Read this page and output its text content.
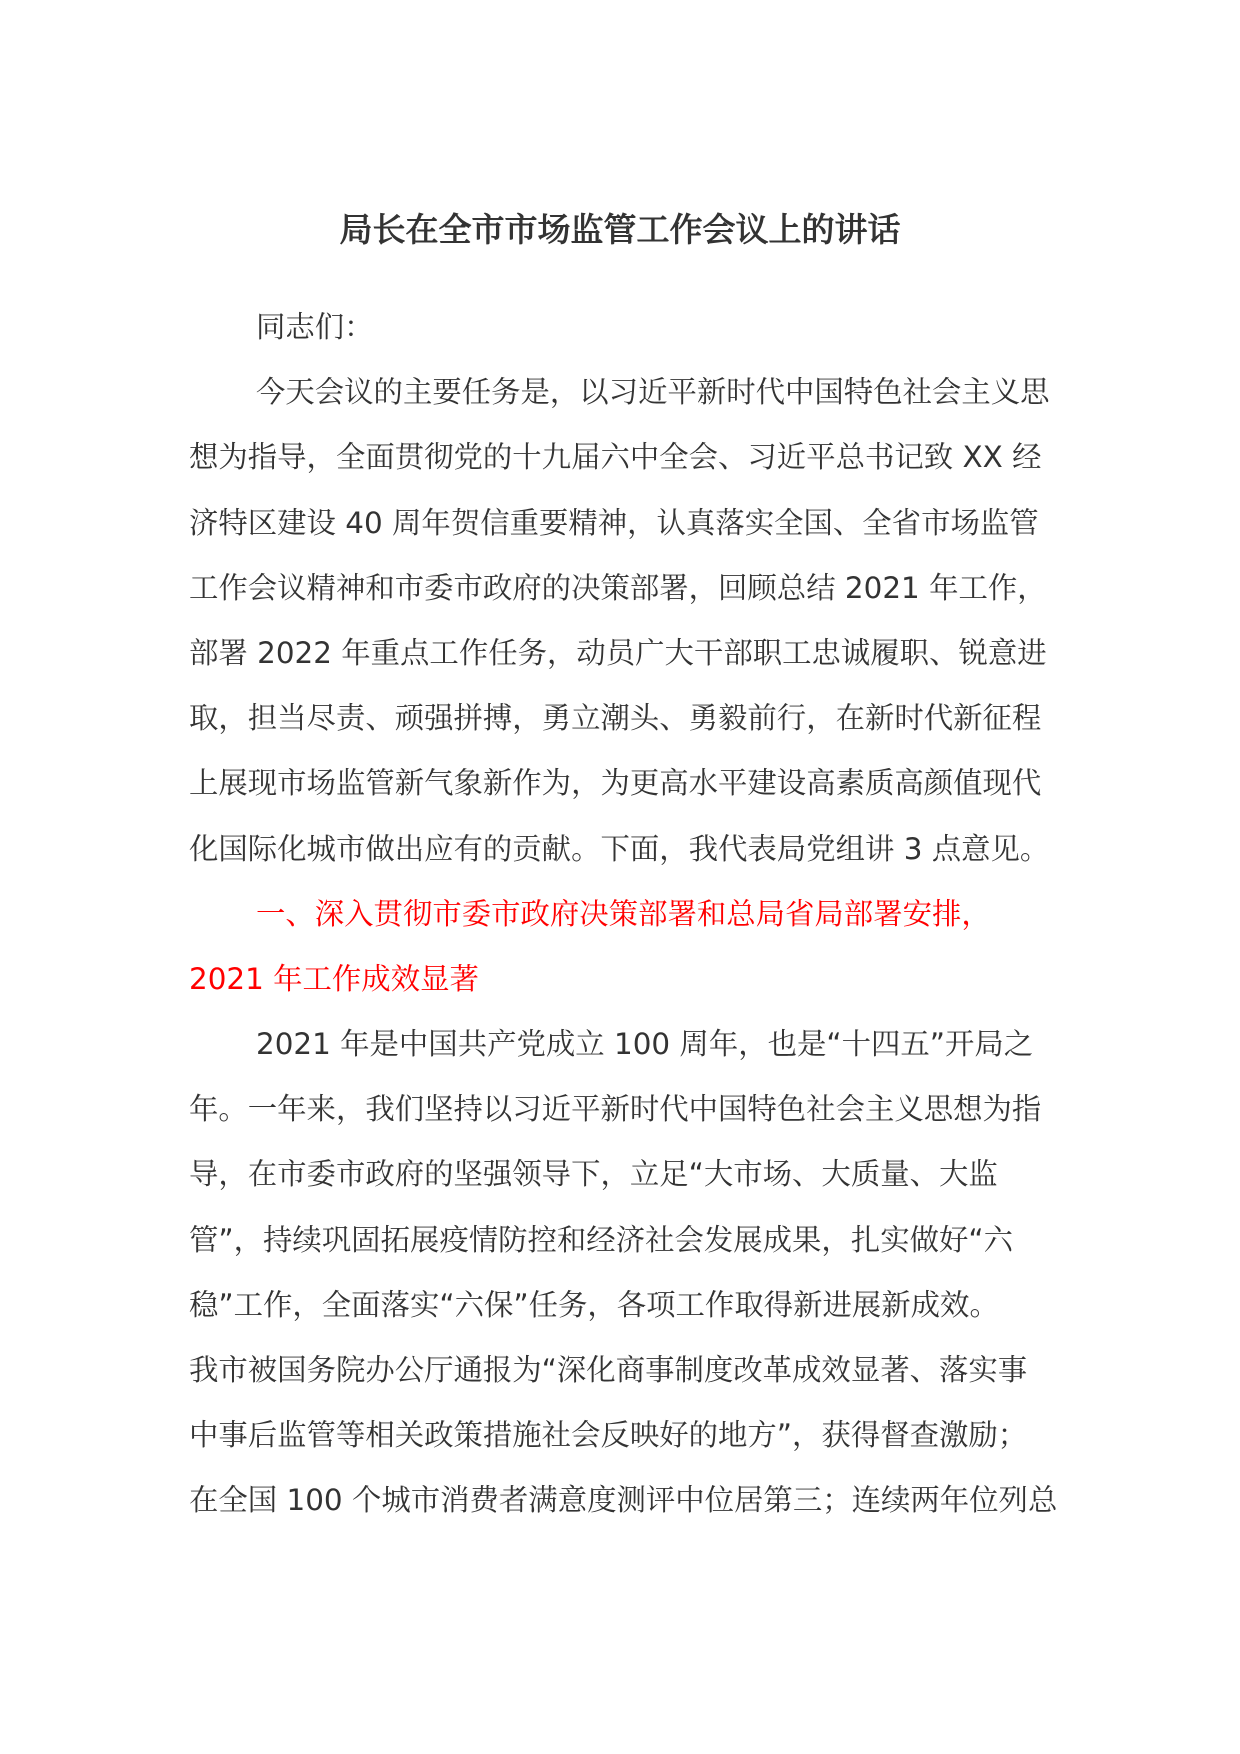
局长在全市市场监管工作会议上的讲话

同志们：

今天会议的主要任务是，以习近平新时代中国特色社会主义思
想为指导，全面贯彻党的十九届六中全会、习近平总书记致 XX 经
济特区建设 40 周年贺信重要精神，认真落实全国、全省市场监管
工作会议精神和市委市政府的决策部署，回顾总结 2021 年工作，
部署 2022 年重点工作任务，动员广大干部职工忠诚履职、锐意进
取，担当尽责、顽强拼搏，勇立潮头、勇毅前行，在新时代新征程
上展现市场监管新气象新作为，为更高水平建设高素质高颜值现代
化国际化城市做出应有的贡献。下面，我代表局党组讲 3 点意见。
一、深入贯彻市委市政府决策部署和总局省局部署安排，
2021 年工作成效显著
2021 年是中国共产党成立 100 周年，也是“十四五”开局之
年。一年来，我们坚持以习近平新时代中国特色社会主义思想为指
导，在市委市政府的坚强领导下，立足“大市场、大质量、大监
管”，持续巩固拓展疫情防控和经济社会发展成果，扎实做好“六
稳”工作，全面落实“六保”任务，各项工作取得新进展新成效。
我市被国务院办公厅通报为“深化商事制度改革成效显著、落实事
中事后监管等相关政策措施社会反映好的地方”，获得督查激励；
在全国 100 个城市消费者满意度测评中位居第三；连续两年位列总
